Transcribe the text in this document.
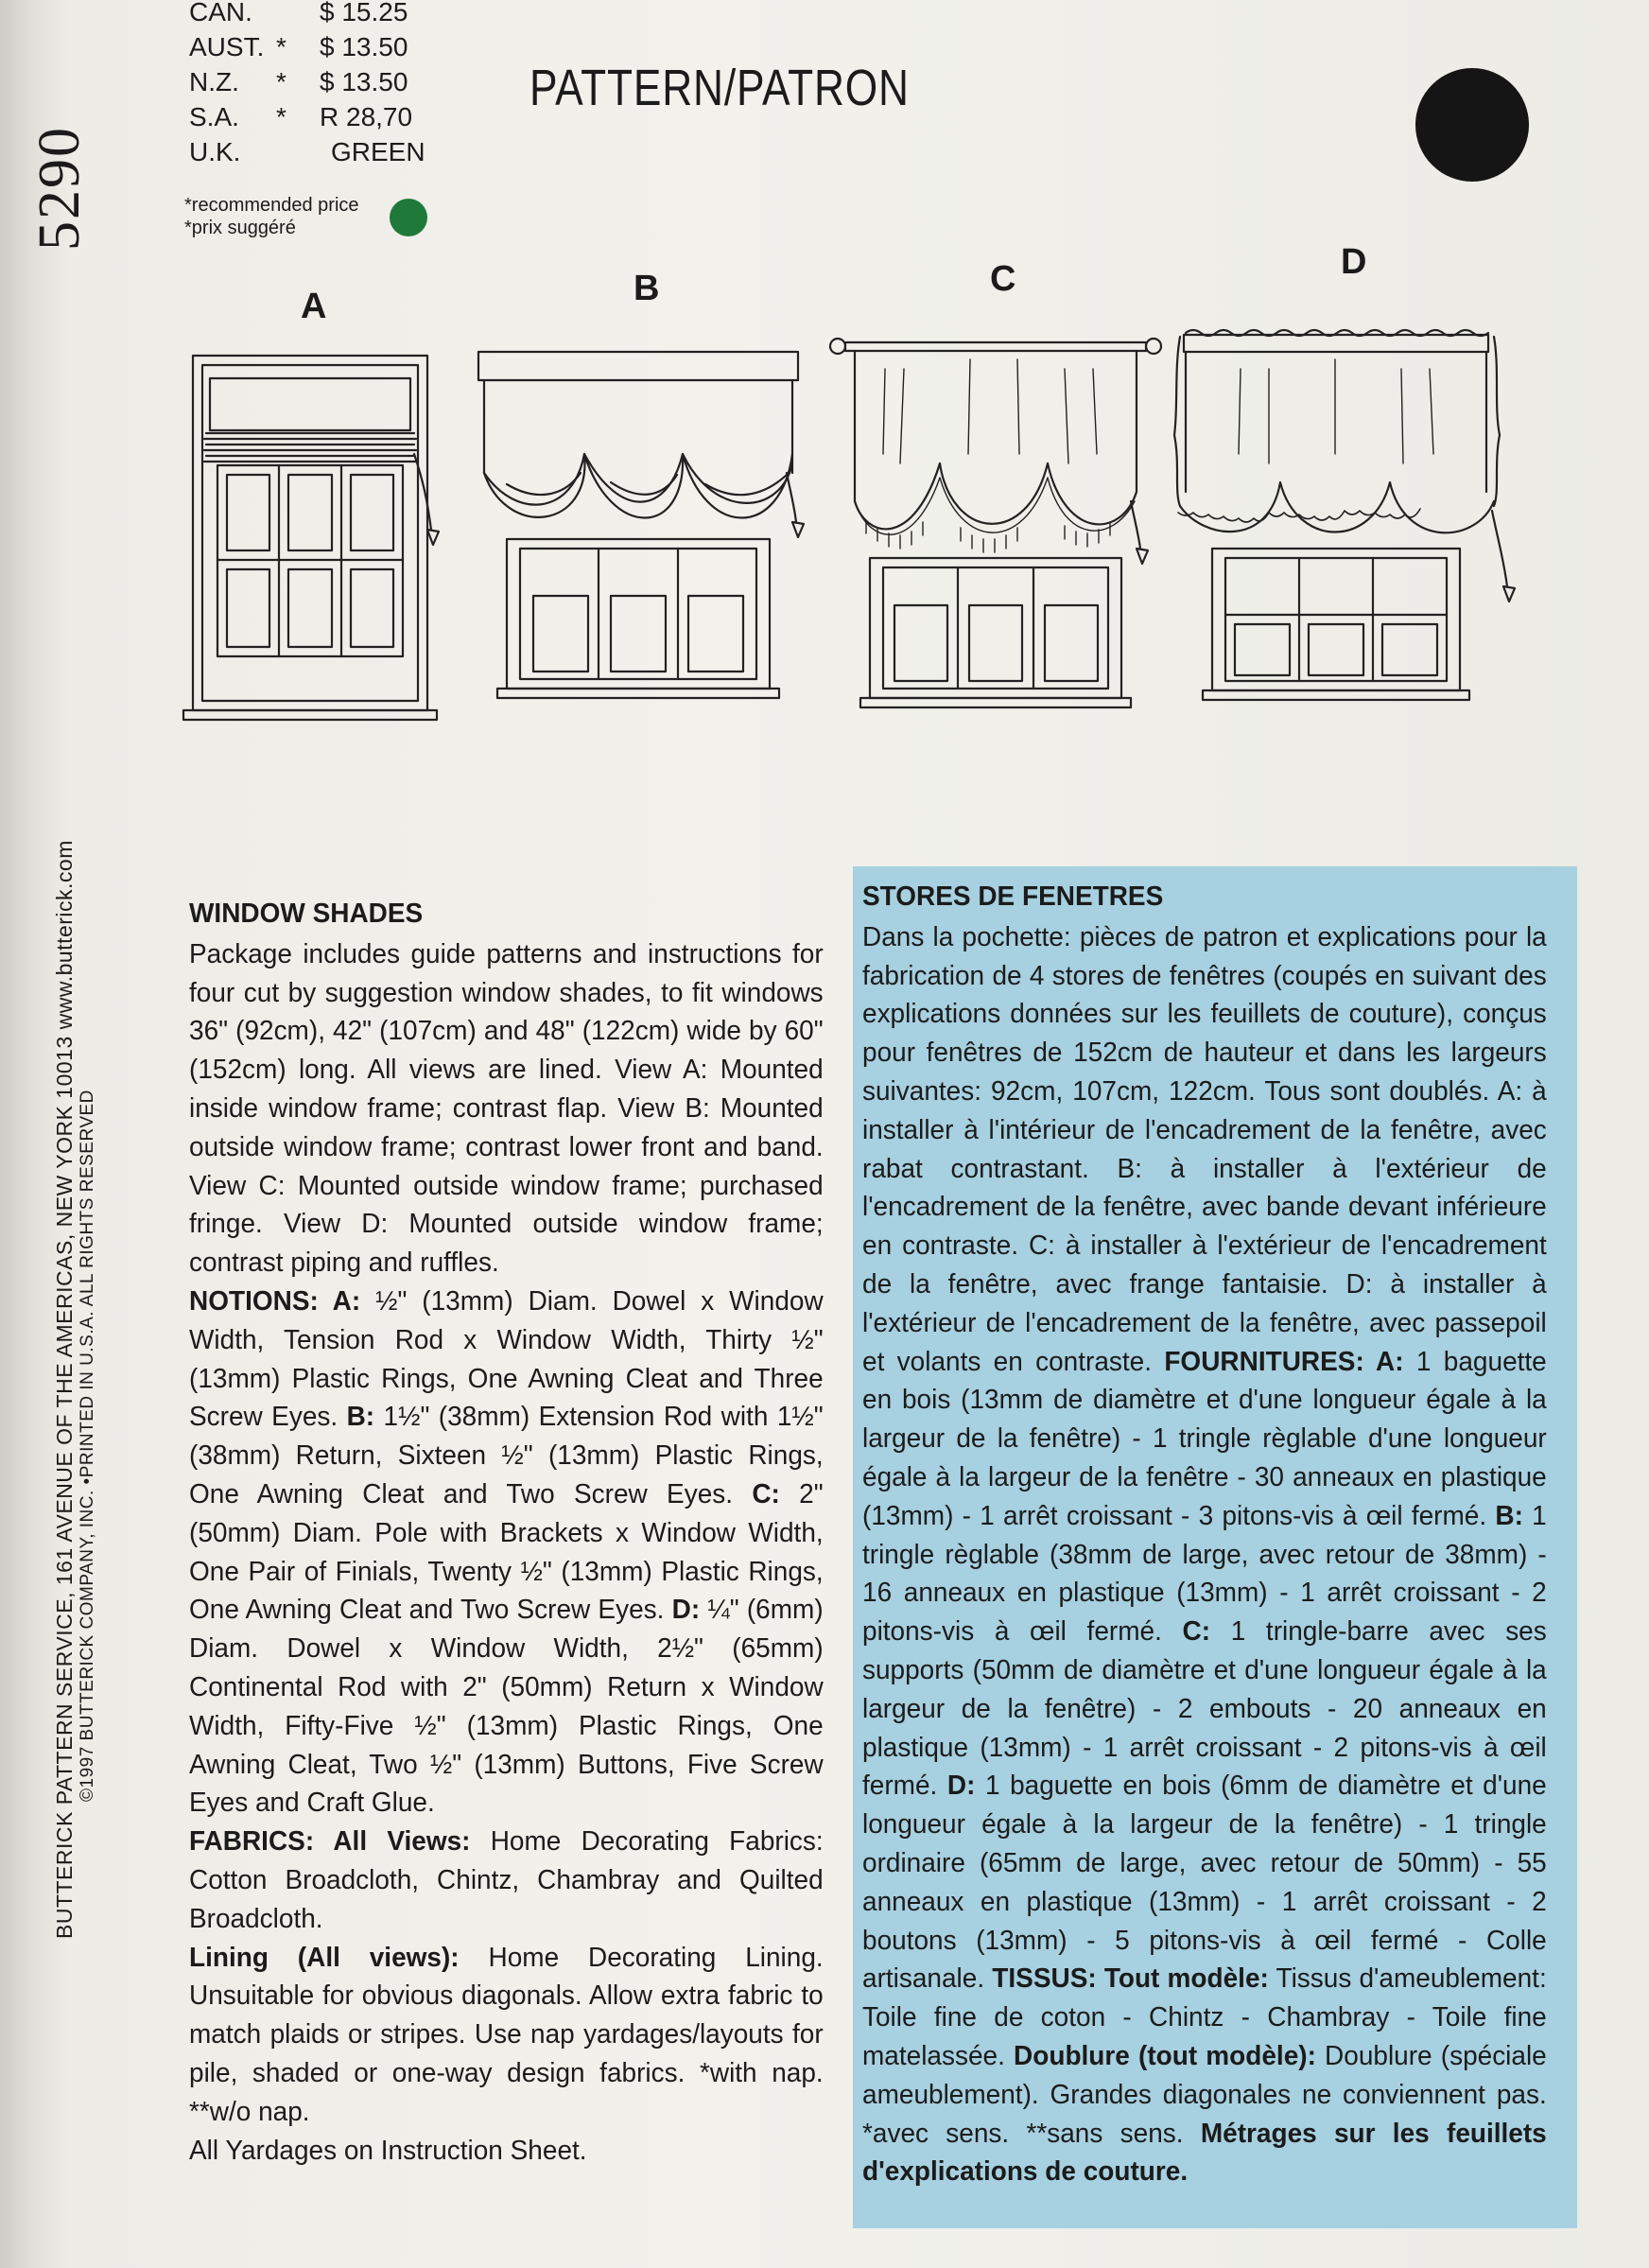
5290
BUTTERICK PATTERN SERVICE, 161 AVENUE OF THE AMERICAS, NEW YORK 10013 www.butterick.com ©1997 BUTTERICK COMPANY, INC. •PRINTED IN U.S.A. ALL RIGHTS RESERVED
CAN.	$ 15.25
AUST. * $ 13.50
N.Z.	* $ 13.50
S.A.	* R 28,70
U.K.	GREEN
*recommended price
*prix suggéré
PATTERN/PATRON
A	B	C	D
WINDOW SHADES

Package includes guide patterns and instructions for four cut by suggestion window shades, to fit windows 36" (92cm), 42" (107cm) and 48" (122cm) wide by 60" (152cm) long. All views are lined. View A: Mounted inside window frame; contrast flap. View B: Mounted outside window frame; contrast lower front and band. View C: Mounted outside window frame; purchased fringe. View D: Mounted outside window frame; contrast piping and ruffles.

NOTIONS: A: ½" (13mm) Diam. Dowel x Window Width, Tension Rod x Window Width, Thirty ½" (13mm) Plastic Rings, One Awning Cleat and Three Screw Eyes. B: 1½" (38mm) Extension Rod with 1½" (38mm) Return, Sixteen ½" (13mm) Plastic Rings, One Awning Cleat and Two Screw Eyes. C: 2" (50mm) Diam. Pole with Brackets x Window Width, One Pair of Finials, Twenty ½" (13mm) Plastic Rings, One Awning Cleat and Two Screw Eyes. D: ¼" (6mm) Diam. Dowel x Window Width, 2½" (65mm) Continental Rod with 2" (50mm) Return x Window Width, Fifty-Five ½" (13mm) Plastic Rings, One Awning Cleat, Two ½" (13mm) Buttons, Five Screw Eyes and Craft Glue.

FABRICS: All Views: Home Decorating Fabrics: Cotton Broadcloth, Chintz, Chambray and Quilted Broadcloth.

Lining (All views): Home Decorating Lining. Unsuitable for obvious diagonals. Allow extra fabric to match plaids or stripes. Use nap yardages/layouts for pile, shaded or one-way design fabrics. *with nap. **w/o nap.

All Yardages on Instruction Sheet.

STORES DE FENETRES

Dans la pochette: pièces de patron et explications pour la fabrication de 4 stores de fenêtres (coupés en suivant des explications données sur les feuillets de couture), conçus pour fenêtres de 152cm de hauteur et dans les largeurs suivantes: 92cm, 107cm, 122cm. Tous sont doublés. A: à installer à l'intérieur de l'encadrement de la fenêtre, avec rabat contrastant. B: à installer à l'extérieur de l'encadrement de la fenêtre, avec bande devant inférieure en contraste. C: à installer à l'extérieur de l'encadrement de la fenêtre, avec frange fantaisie. D: à installer à l'extérieur de l'encadrement de la fenêtre, avec passepoil et volants en contraste. FOURNITURES: A: 1 baguette en bois (13mm de diamètre et d'une longueur égale à la largeur de la fenêtre) - 1 tringle règlable d'une longueur égale à la largeur de la fenêtre - 30 anneaux en plastique (13mm) - 1 arrêt croissant - 3 pitons-vis à œil fermé. B: 1 tringle règlable (38mm de large, avec retour de 38mm) - 16 anneaux en plastique (13mm) - 1 arrêt croissant - 2 pitons-vis à œil fermé. C: 1 tringle-barre avec ses supports (50mm de diamètre et d'une longueur égale à la largeur de la fenêtre) - 2 embouts - 20 anneaux en plastique (13mm) - 1 arrêt croissant - 2 pitons-vis à œil fermé. D: 1 baguette en bois (6mm de diamètre et d'une longueur égale à la largeur de la fenêtre) - 1 tringle ordinaire (65mm de large, avec retour de 50mm) - 55 anneaux en plastique (13mm) - 1 arrêt croissant - 2 boutons (13mm) - 5 pitons-vis à œil fermé - Colle artisanale. TISSUS: Tout modèle: Tissus d'ameublement: Toile fine de coton - Chintz - Chambray - Toile fine matelassée. Doublure (tout modèle): Doublure (spéciale ameublement). Grandes diagonales ne conviennent pas. *avec sens. **sans sens. Métrages sur les feuillets d'explications de couture.
